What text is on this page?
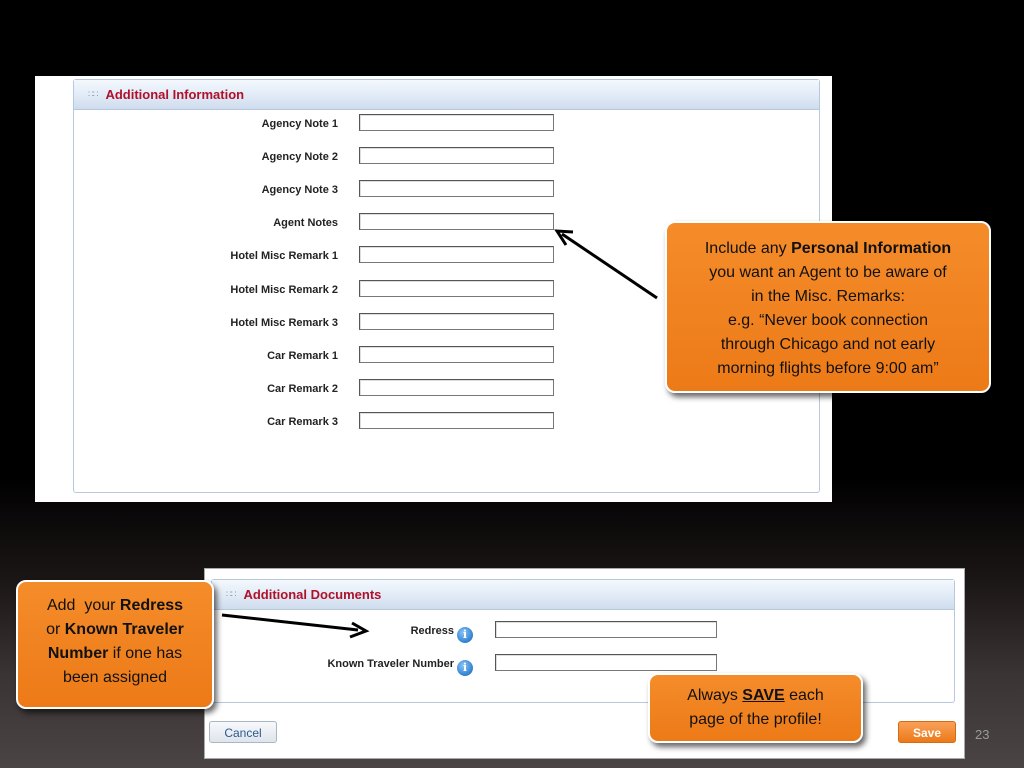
∷∷ Additional Information
Agency Note 1
Agency Note 2
Agency Note 3
Agent Notes
Hotel Misc Remark 1
Hotel Misc Remark 2
Hotel Misc Remark 3
Car Remark 1
Car Remark 2
Car Remark 3
∷∷ Additional Documents
Redress i
Known Traveler Number i
Cancel	Save
Include any Personal Information
you want an Agent to be aware of
in the Misc. Remarks:
e.g. “Never book connection
through Chicago and not early
morning flights before 9:00 am”
Add  your Redress
or Known Traveler
Number if one has
been assigned
Always SAVE each
page of the profile!
23
